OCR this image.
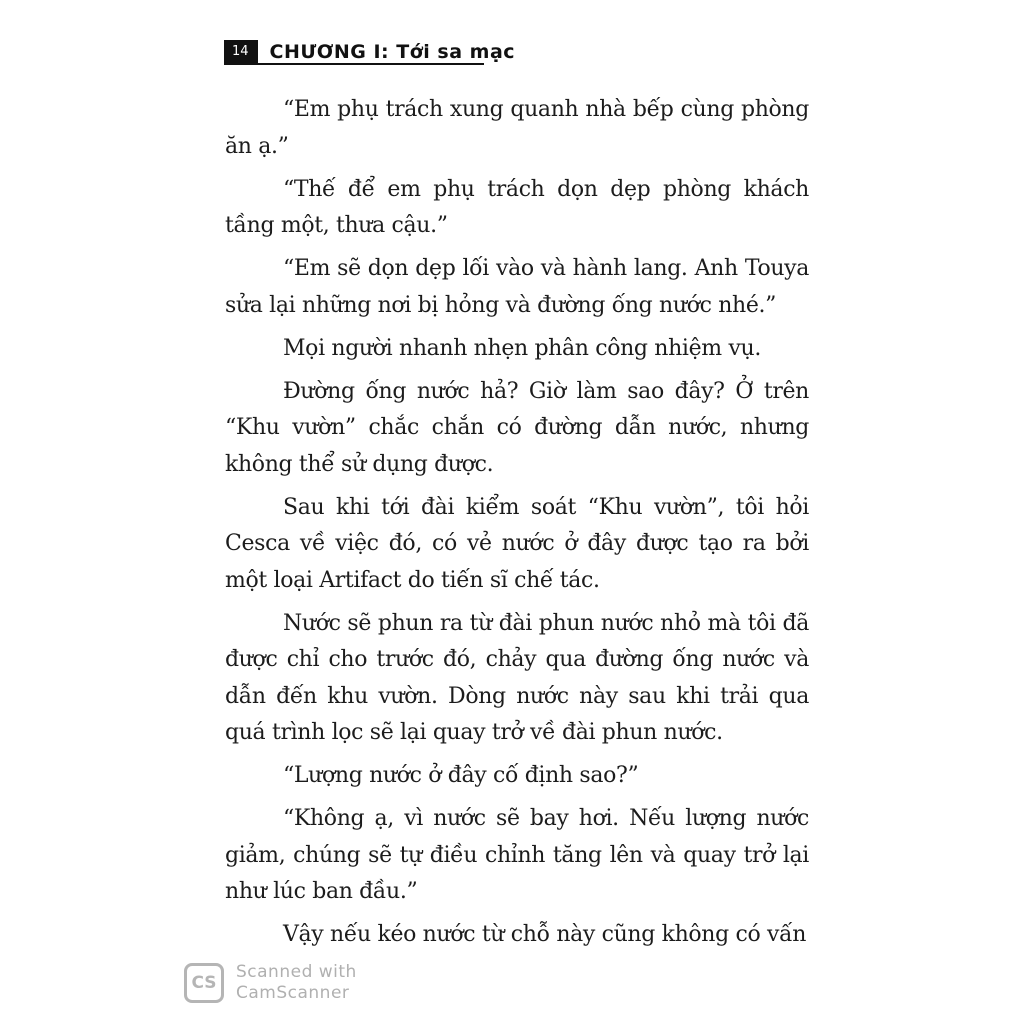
14	CHƯƠNG I: Tới sa mạc

“Em phụ trách xung quanh nhà bếp cùng phòng ăn ạ.”

“Thế để em phụ trách dọn dẹp phòng khách tầng một, thưa cậu.”

“Em sẽ dọn dẹp lối vào và hành lang. Anh Touya sửa lại những nơi bị hỏng và đường ống nước nhé.”

Mọi người nhanh nhẹn phân công nhiệm vụ.

Đường ống nước hả? Giờ làm sao đây? Ở trên “Khu vườn” chắc chắn có đường dẫn nước, nhưng không thể sử dụng được.

Sau khi tới đài kiểm soát “Khu vườn”, tôi hỏi Cesca về việc đó, có vẻ nước ở đây được tạo ra bởi một loại Artifact do tiến sĩ chế tác.

Nước sẽ phun ra từ đài phun nước nhỏ mà tôi đã được chỉ cho trước đó, chảy qua đường ống nước và dẫn đến khu vườn. Dòng nước này sau khi trải qua quá trình lọc sẽ lại quay trở về đài phun nước.

“Lượng nước ở đây cố định sao?”

“Không ạ, vì nước sẽ bay hơi. Nếu lượng nước giảm, chúng sẽ tự điều chỉnh tăng lên và quay trở lại như lúc ban đầu.”

Vậy nếu kéo nước từ chỗ này cũng không có vấn

CS
Scanned with
CamScanner
